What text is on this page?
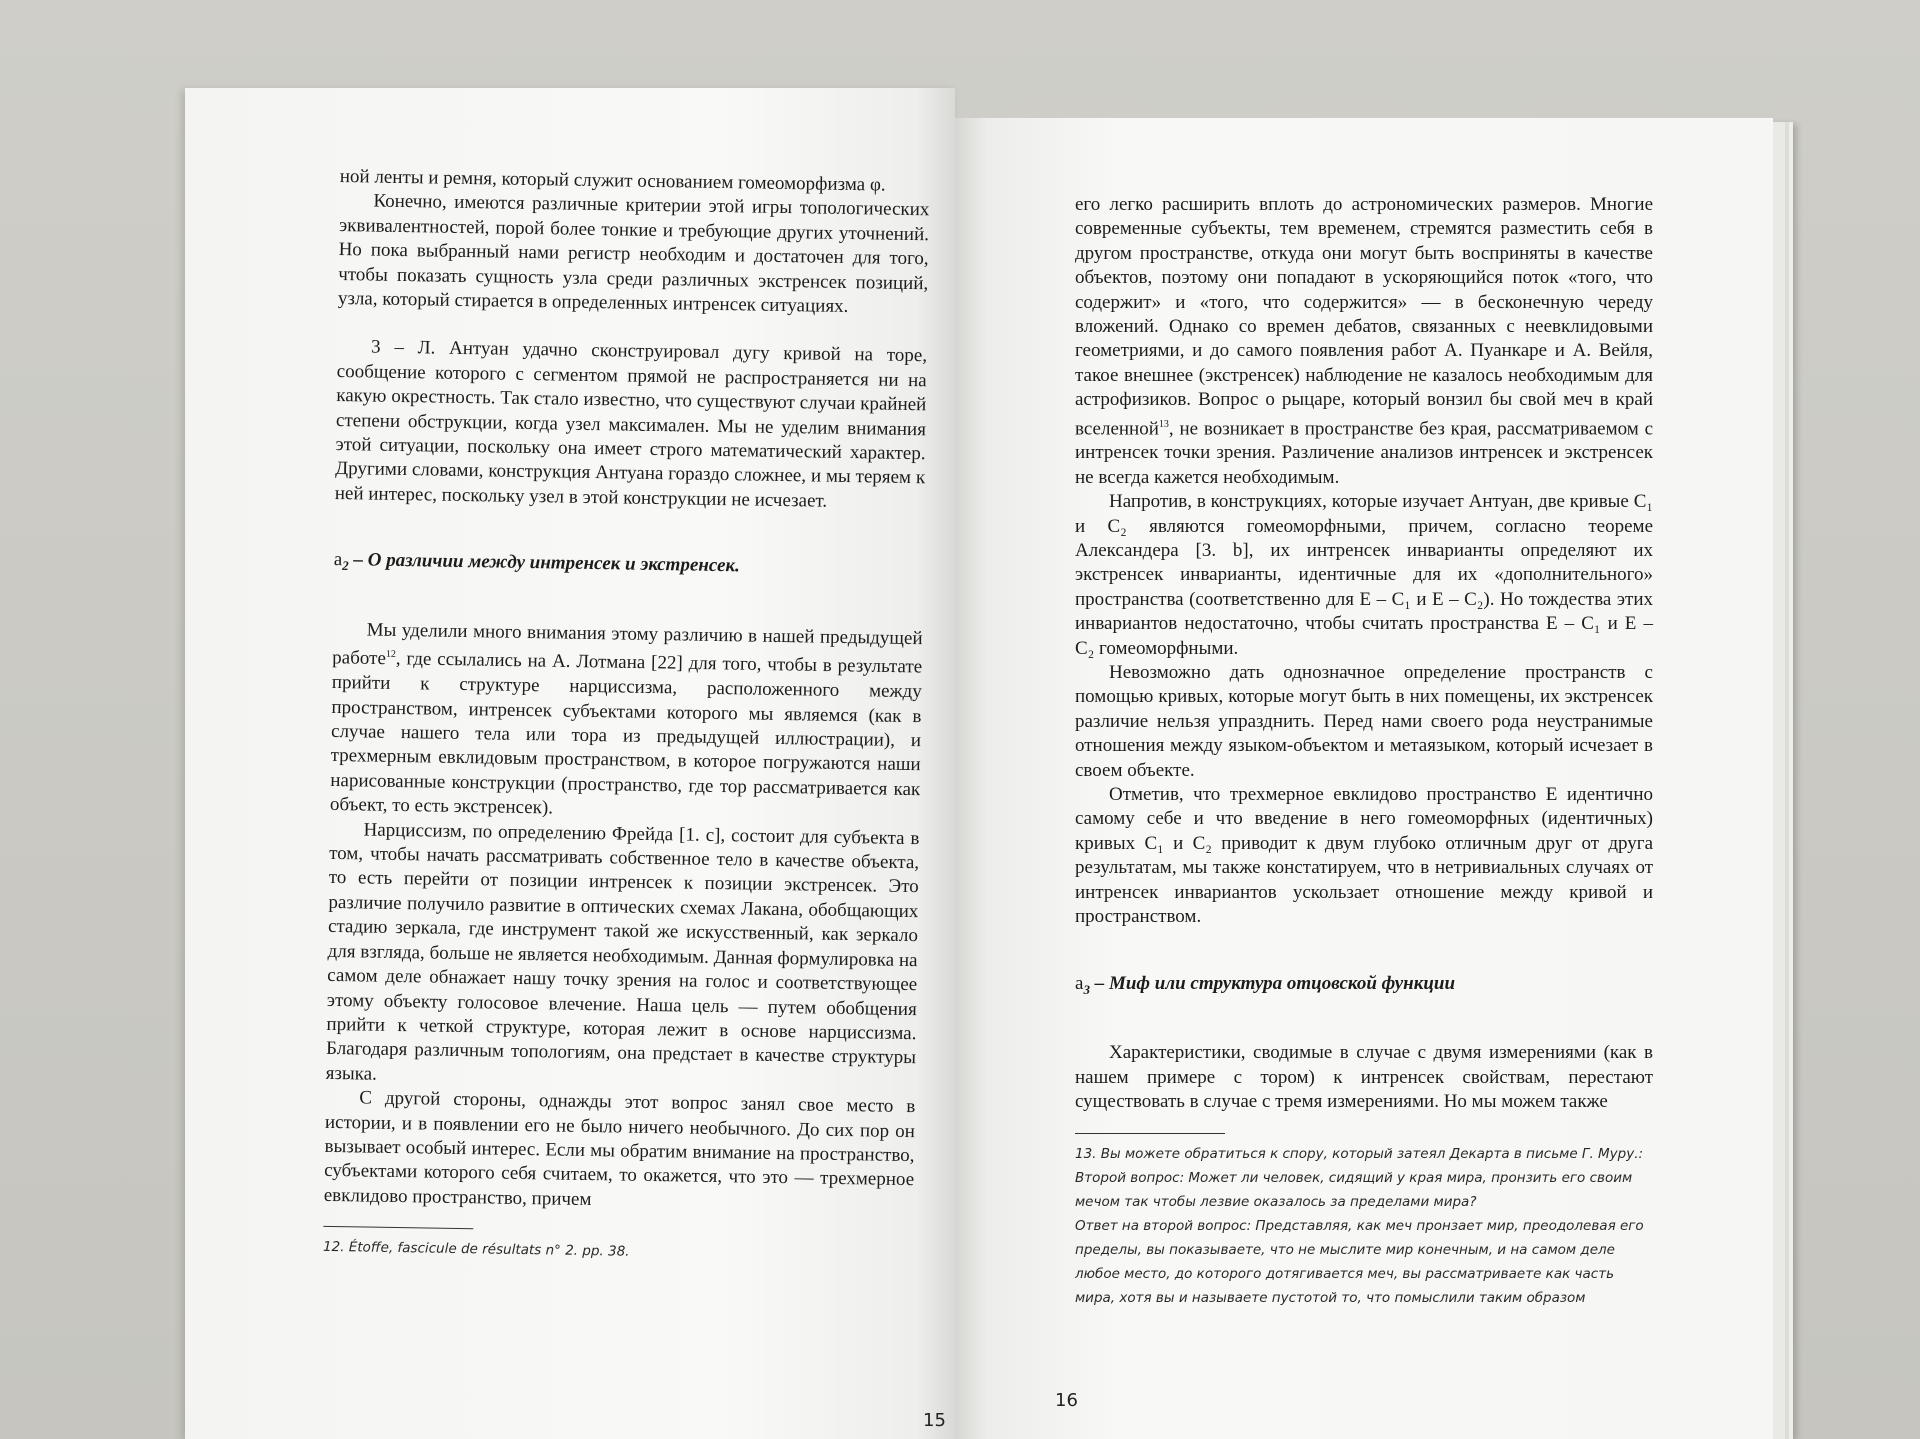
ной ленты и ремня, который служит основанием гомеоморфизма φ.

Конечно, имеются различные критерии этой игры топологических эквивалентностей, порой более тонкие и требующие других уточнений. Но пока выбранный нами регистр необходим и достаточен для того, чтобы показать сущность узла среди различных экстренсек позиций, узла, который стирается в определенных интренсек ситуациях.

3 – Л. Антуан удачно сконструировал дугу кривой на торе, сообщение которого с сегментом прямой не распространяется ни на какую окрестность. Так стало известно, что существуют случаи крайней степени обструкции, когда узел максимален. Мы не уделим внимания этой ситуации, поскольку она имеет строго математический характер. Другими словами, конструкция Антуана гораздо сложнее, и мы теряем к ней интерес, поскольку узел в этой конструкции не исчезает.

$a_2$ – О различии между интренсек и экстренсек.

Мы уделили много внимания этому различию в нашей предыдущей работе$^{12}$, где ссылались на А. Лотмана [22] для того, чтобы в результате прийти к структуре нарциссизма, расположенного между пространством, интренсек субъектами которого мы являемся (как в случае нашего тела или тора из предыдущей иллюстрации), и трехмерным евклидовым пространством, в которое погружаются наши нарисованные конструкции (пространство, где тор рассматривается как объект, то есть экстренсек).

Нарциссизм, по определению Фрейда [1. c], состоит для субъекта в том, чтобы начать рассматривать собственное тело в качестве объекта, то есть перейти от позиции интренсек к позиции экстренсек. Это различие получило развитие в оптических схемах Лакана, обобщающих стадию зеркала, где инструмент такой же искусственный, как зеркало для взгляда, больше не является необходимым. Данная формулировка на самом деле обнажает нашу точку зрения на голос и соответствующее этому объекту голосовое влечение. Наша цель — путем обобщения прийти к четкой структуре, которая лежит в основе нарциссизма. Благодаря различным топологиям, она предстает в качестве структуры языка.

С другой стороны, однажды этот вопрос занял свое место в истории, и в появлении его не было ничего необычного. До сих пор он вызывает особый интерес. Если мы обратим внимание на пространство, субъектами которого себя считаем, то окажется, что это — трехмерное евклидово пространство, причем

12. Étoffe, fascicule de résultats n° 2. pp. 38.
15

его легко расширить вплоть до астрономических размеров. Многие современные субъекты, тем временем, стремятся разместить себя в другом пространстве, откуда они могут быть восприняты в качестве объектов, поэтому они попадают в ускоряющийся поток «того, что содержит» и «того, что содержится» — в бесконечную череду вложений. Однако со времен дебатов, связанных с неевклидовыми геометриями, и до самого появления работ А. Пуанкаре и А. Вейля, такое внешнее (экстренсек) наблюдение не казалось необходимым для астрофизиков. Вопрос о рыцаре, который вонзил бы свой меч в край вселенной$^{13}$, не возникает в пространстве без края, рассматриваемом с интренсек точки зрения. Различение анализов интренсек и экстренсек не всегда кажется необходимым.

Напротив, в конструкциях, которые изучает Антуан, две кривые C₁ и C₂ являются гомеоморфными, причем, согласно теореме Александера [3. b], их интренсек инварианты определяют их экстренсек инварианты, идентичные для их «дополнительного» пространства (соответственно для E – C₁ и E – C₂). Но тождества этих инвариантов недостаточно, чтобы считать пространства E – C₁ и E – C₂ гомеоморфными.

Невозможно дать однозначное определение пространств с помощью кривых, которые могут быть в них помещены, их экстренсек различие нельзя упразднить. Перед нами своего рода неустранимые отношения между языком-объектом и метаязыком, который исчезает в своем объекте.

Отметив, что трехмерное евклидово пространство E идентично самому себе и что введение в него гомеоморфных (идентичных) кривых C₁ и C₂ приводит к двум глубоко отличным друг от друга результатам, мы также констатируем, что в нетривиальных случаях от интренсек инвариантов ускользает отношение между кривой и пространством.

$a_3$ – Миф или структура отцовской функции

Характеристики, сводимые в случае с двумя измерениями (как в нашем примере с тором) к интренсек свойствам, перестают существовать в случае с тремя измерениями. Но мы можем также

13. Вы можете обратиться к спору, который затеял Декарта в письме Г. Муру.:
Второй вопрос: Может ли человек, сидящий у края мира, пронзить его своим мечом так чтобы лезвие оказалось за пределами мира?
Ответ на второй вопрос: Представляя, как меч пронзает мир, преодолевая его пределы, вы показываете, что не мыслите мир конечным, и на самом деле любое место, до которого дотягивается меч, вы рассматриваете как часть мира, хотя вы и называете пустотой то, что помыслили таким образом
16
